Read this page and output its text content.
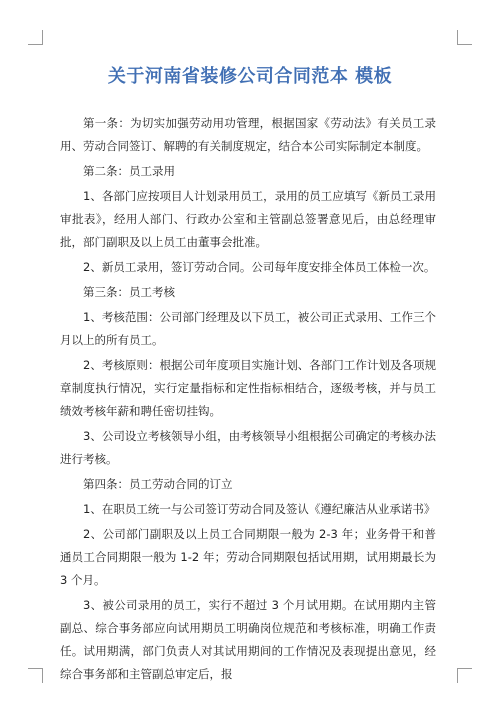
关于河南省装修公司合同范本 模板

第一条：为切实加强劳动用功管理，根据国家《劳动法》有关员工录用、劳动合同签订、解聘的有关制度规定，结合本公司实际制定本制度。

第二条：员工录用

1、各部门应按项目人计划录用员工，录用的员工应填写《新员工录用审批表》，经用人部门、行政办公室和主管副总签署意见后，由总经理审批，部门副职及以上员工由董事会批准。

2、新员工录用，签订劳动合同。公司每年度安排全体员工体检一次。

第三条：员工考核

1、考核范围：公司部门经理及以下员工，被公司正式录用、工作三个月以上的所有员工。

2、考核原则：根据公司年度项目实施计划、各部门工作计划及各项规章制度执行情况，实行定量指标和定性指标相结合，逐级考核，并与员工绩效考核年薪和聘任密切挂钩。

3、公司设立考核领导小组，由考核领导小组根据公司确定的考核办法进行考核。

第四条：员工劳动合同的订立

1、在职员工统一与公司签订劳动合同及签认《遵纪廉洁从业承诺书》

2、公司部门副职及以上员工合同期限一般为 2-3 年；业务骨干和普通员工合同期限一般为 1-2 年；劳动合同期限包括试用期，试用期最长为 3 个月。

3、被公司录用的员工，实行不超过 3 个月试用期。在试用期内主管副总、综合事务部应向试用期员工明确岗位规范和考核标准，明确工作责任。试用期满，部门负责人对其试用期间的工作情况及表现提出意见，经综合事务部和主管副总审定后，报
